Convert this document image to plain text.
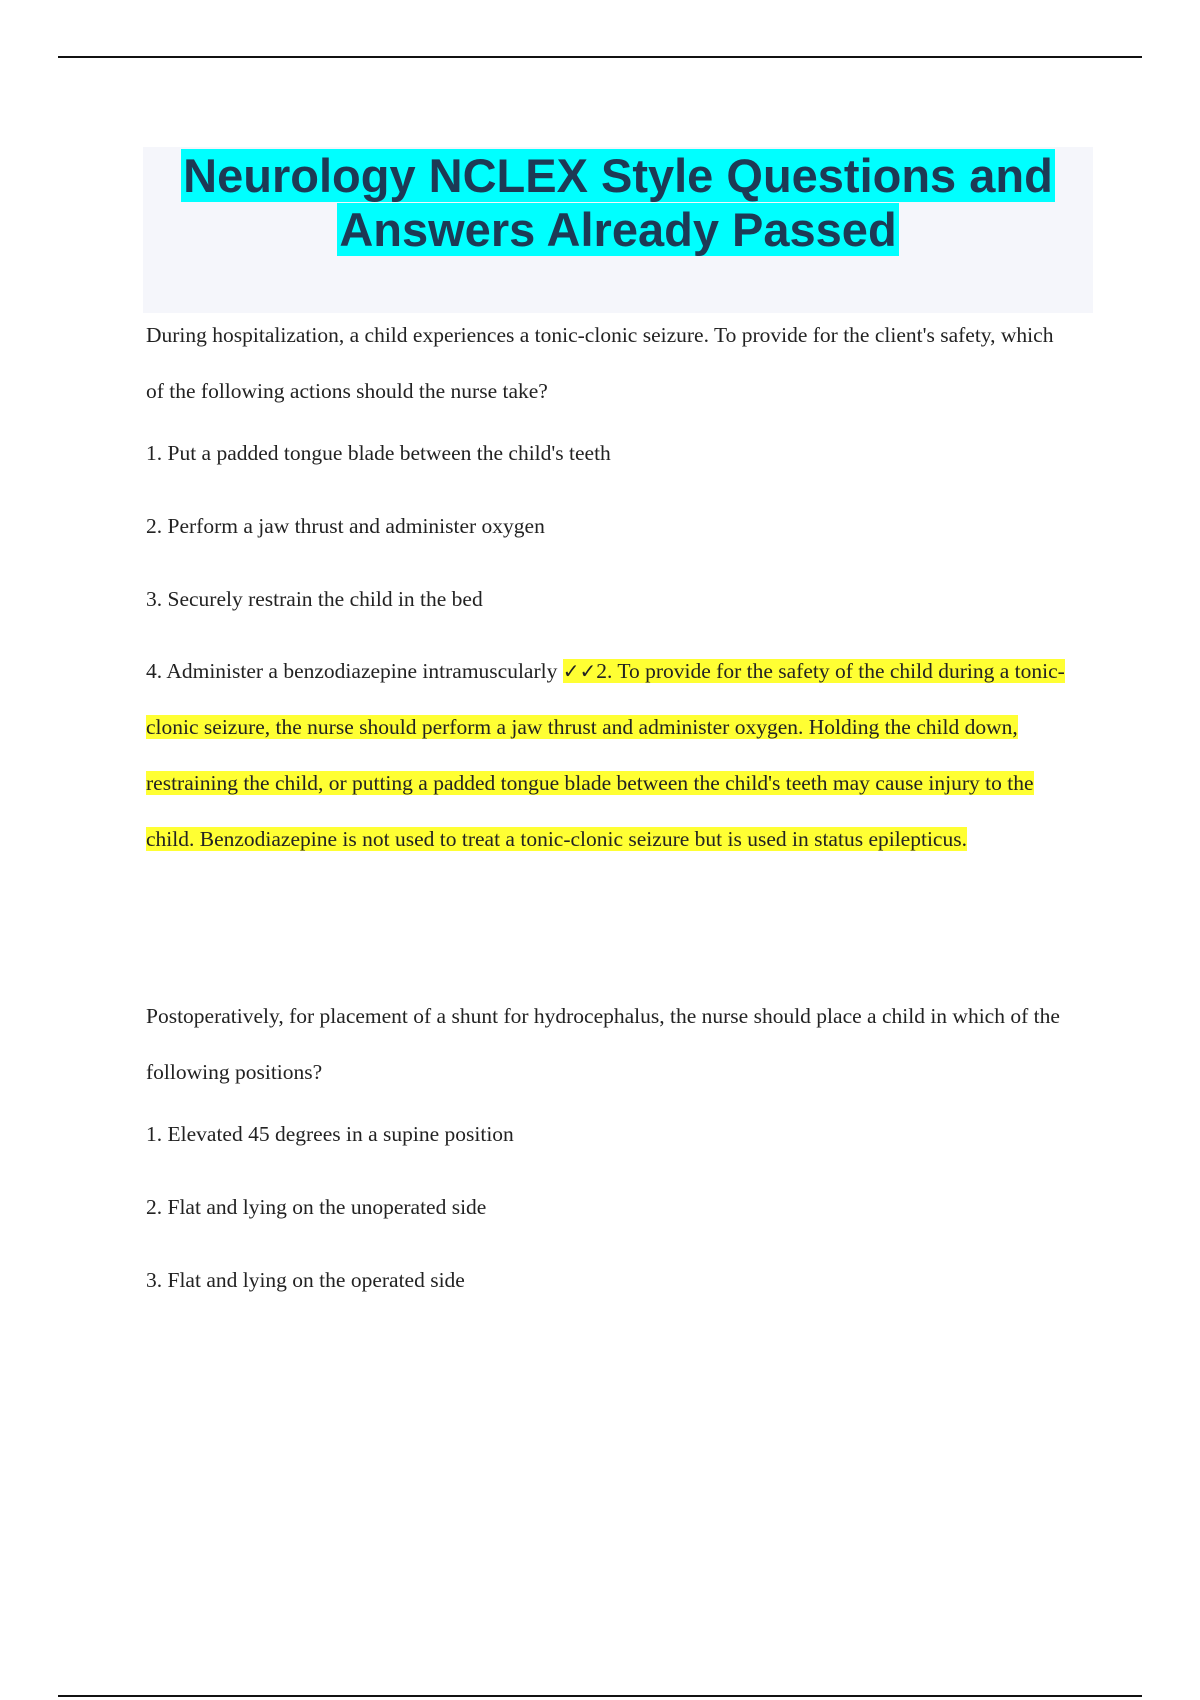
Neurology NCLEX Style Questions and
Answers Already Passed

During hospitalization, a child experiences a tonic-clonic seizure. To provide for the client's safety, which of the following actions should the nurse take?

1. Put a padded tongue blade between the child's teeth

2. Perform a jaw thrust and administer oxygen

3. Securely restrain the child in the bed

4. Administer a benzodiazepine intramuscularly ✓✓2. To provide for the safety of the child during a tonic-clonic seizure, the nurse should perform a jaw thrust and administer oxygen. Holding the child down, restraining the child, or putting a padded tongue blade between the child's teeth may cause injury to the child. Benzodiazepine is not used to treat a tonic-clonic seizure but is used in status epilepticus.

Postoperatively, for placement of a shunt for hydrocephalus, the nurse should place a child in which of the following positions?

1. Elevated 45 degrees in a supine position

2. Flat and lying on the unoperated side

3. Flat and lying on the operated side
